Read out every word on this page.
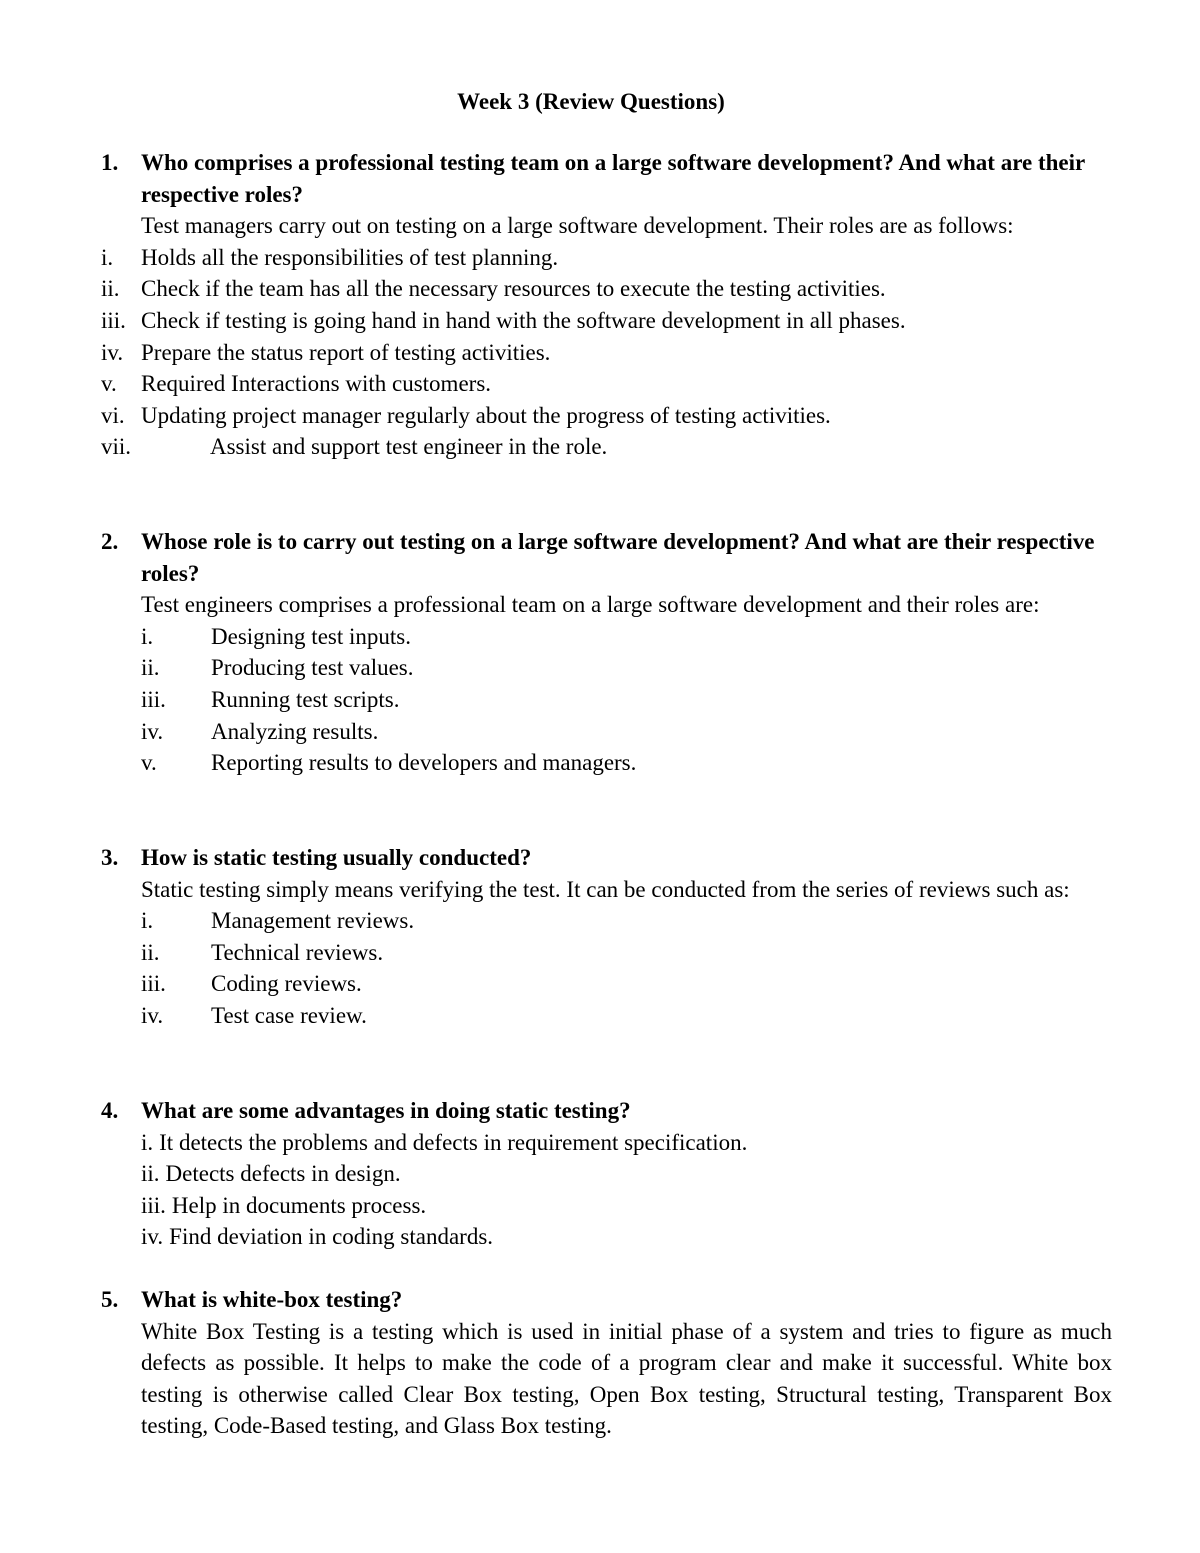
Week 3 (Review Questions)
1. Who comprises a professional testing team on a large software development? And what are their respective roles?
Test managers carry out on testing on a large software development. Their roles are as follows:
i.	Holds all the responsibilities of test planning.
ii. Check if the team has all the necessary resources to execute the testing activities.
iii. Check if testing is going hand in hand with the software development in all phases.
iv. Prepare the status report of testing activities.
v.	Required Interactions with customers.
vi. Updating project manager regularly about the progress of testing activities.
vii.	Assist and support test engineer in the role.
2. Whose role is to carry out testing on a large software development? And what are their respective roles?
Test engineers comprises a professional team on a large software development and their roles are:
i.	Designing test inputs.
ii.	Producing test values.
iii.	Running test scripts.
iv.	Analyzing results.
v.	Reporting results to developers and managers.
3. How is static testing usually conducted?
Static testing simply means verifying the test. It can be conducted from the series of reviews such as:
i.	Management reviews.
ii.	Technical reviews.
iii.	Coding reviews.
iv.	Test case review.
4. What are some advantages in doing static testing?
i. It detects the problems and defects in requirement specification.
ii. Detects defects in design.
iii. Help in documents process.
iv. Find deviation in coding standards.
5. What is white-box testing?
White Box Testing is a testing which is used in initial phase of a system and tries to figure as much defects as possible. It helps to make the code of a program clear and make it successful. White box testing is otherwise called Clear Box testing, Open Box testing, Structural testing, Transparent Box testing, Code-Based testing, and Glass Box testing.
